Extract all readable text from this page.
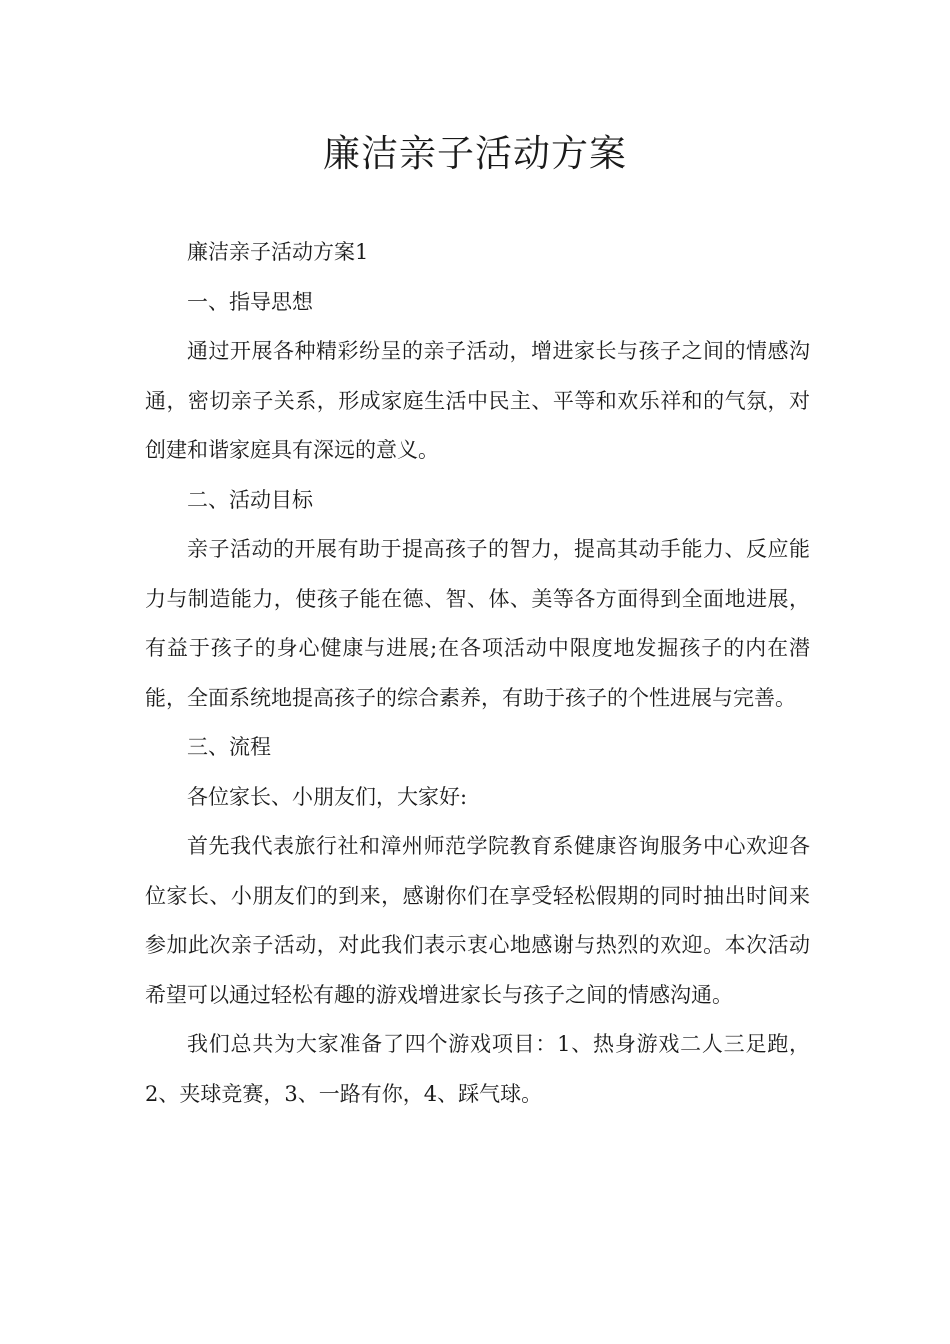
廉洁亲子活动方案

廉洁亲子活动方案1

一、指导思想

通过开展各种精彩纷呈的亲子活动，增进家长与孩子之间的情感沟通，密切亲子关系，形成家庭生活中民主、平等和欢乐祥和的气氛，对创建和谐家庭具有深远的意义。

二、活动目标

亲子活动的开展有助于提高孩子的智力，提高其动手能力、反应能力与制造能力，使孩子能在德、智、体、美等各方面得到全面地进展，有益于孩子的身心健康与进展;在各项活动中限度地发掘孩子的内在潜能，全面系统地提高孩子的综合素养，有助于孩子的个性进展与完善。

三、流程

各位家长、小朋友们，大家好:

首先我代表旅行社和漳州师范学院教育系健康咨询服务中心欢迎各位家长、小朋友们的到来，感谢你们在享受轻松假期的同时抽出时间来参加此次亲子活动，对此我们表示衷心地感谢与热烈的欢迎。本次活动希望可以通过轻松有趣的游戏增进家长与孩子之间的情感沟通。

我们总共为大家准备了四个游戏项目：1、热身游戏二人三足跑，2、夹球竞赛，3、一路有你，4、踩气球。
